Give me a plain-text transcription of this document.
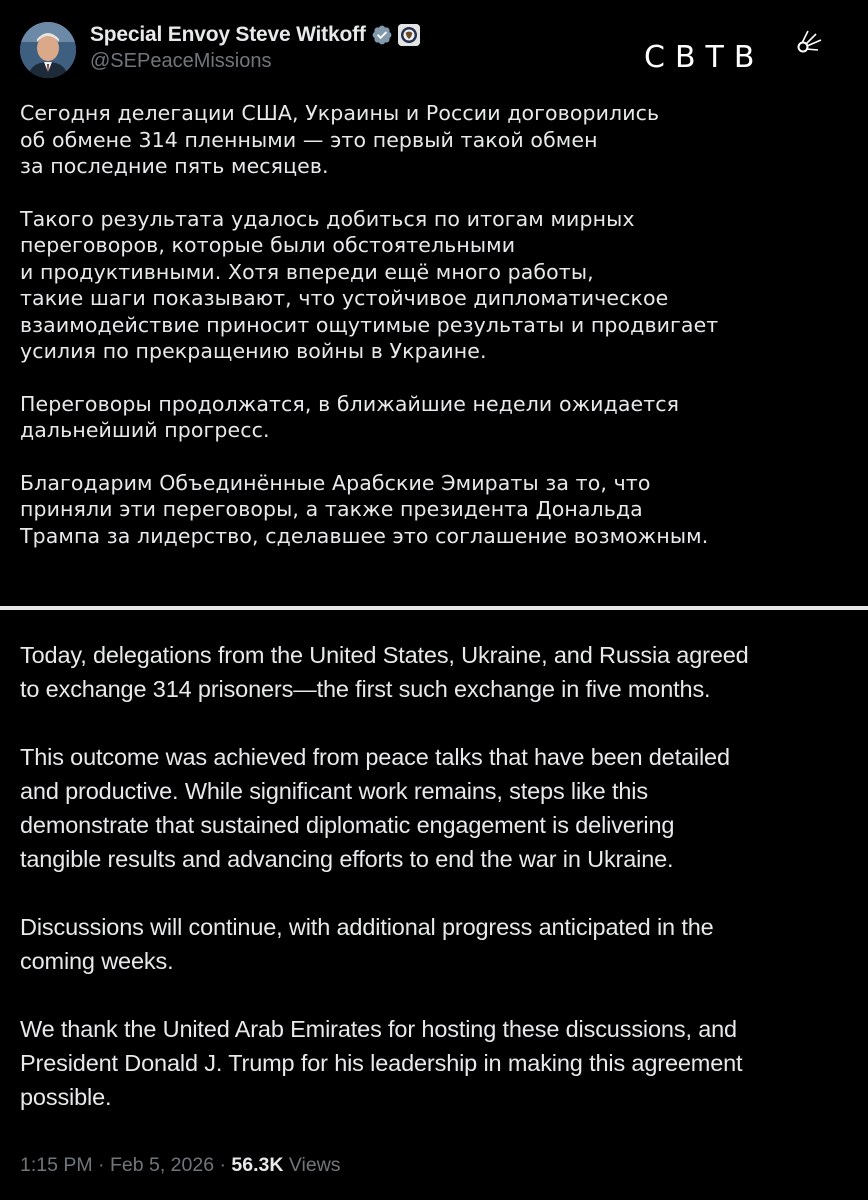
Special Envoy Steve Witkoff
@SEPeaceMissions	СВТВ

Сегодня делегации США, Украины и России договорились
об обмене 314 пленными — это первый такой обмен
за последние пять месяцев.

Такого результата удалось добиться по итогам мирных
переговоров, которые были обстоятельными
и продуктивными. Хотя впереди ещё много работы,
такие шаги показывают, что устойчивое дипломатическое
взаимодействие приносит ощутимые результаты и продвигает
усилия по прекращению войны в Украине.

Переговоры продолжатся, в ближайшие недели ожидается
дальнейший прогресс.

Благодарим Объединённые Арабские Эмираты за то, что
приняли эти переговоры, а также президента Дональда
Трампа за лидерство, сделавшее это соглашение возможным.

Today, delegations from the United States, Ukraine, and Russia agreed
to exchange 314 prisoners—the first such exchange in five months.

This outcome was achieved from peace talks that have been detailed
and productive. While significant work remains, steps like this
demonstrate that sustained diplomatic engagement is delivering
tangible results and advancing efforts to end the war in Ukraine.

Discussions will continue, with additional progress anticipated in the
coming weeks.

We thank the United Arab Emirates for hosting these discussions, and
President Donald J. Trump for his leadership in making this agreement
possible.

1:15 PM · Feb 5, 2026 · 56.3K Views
